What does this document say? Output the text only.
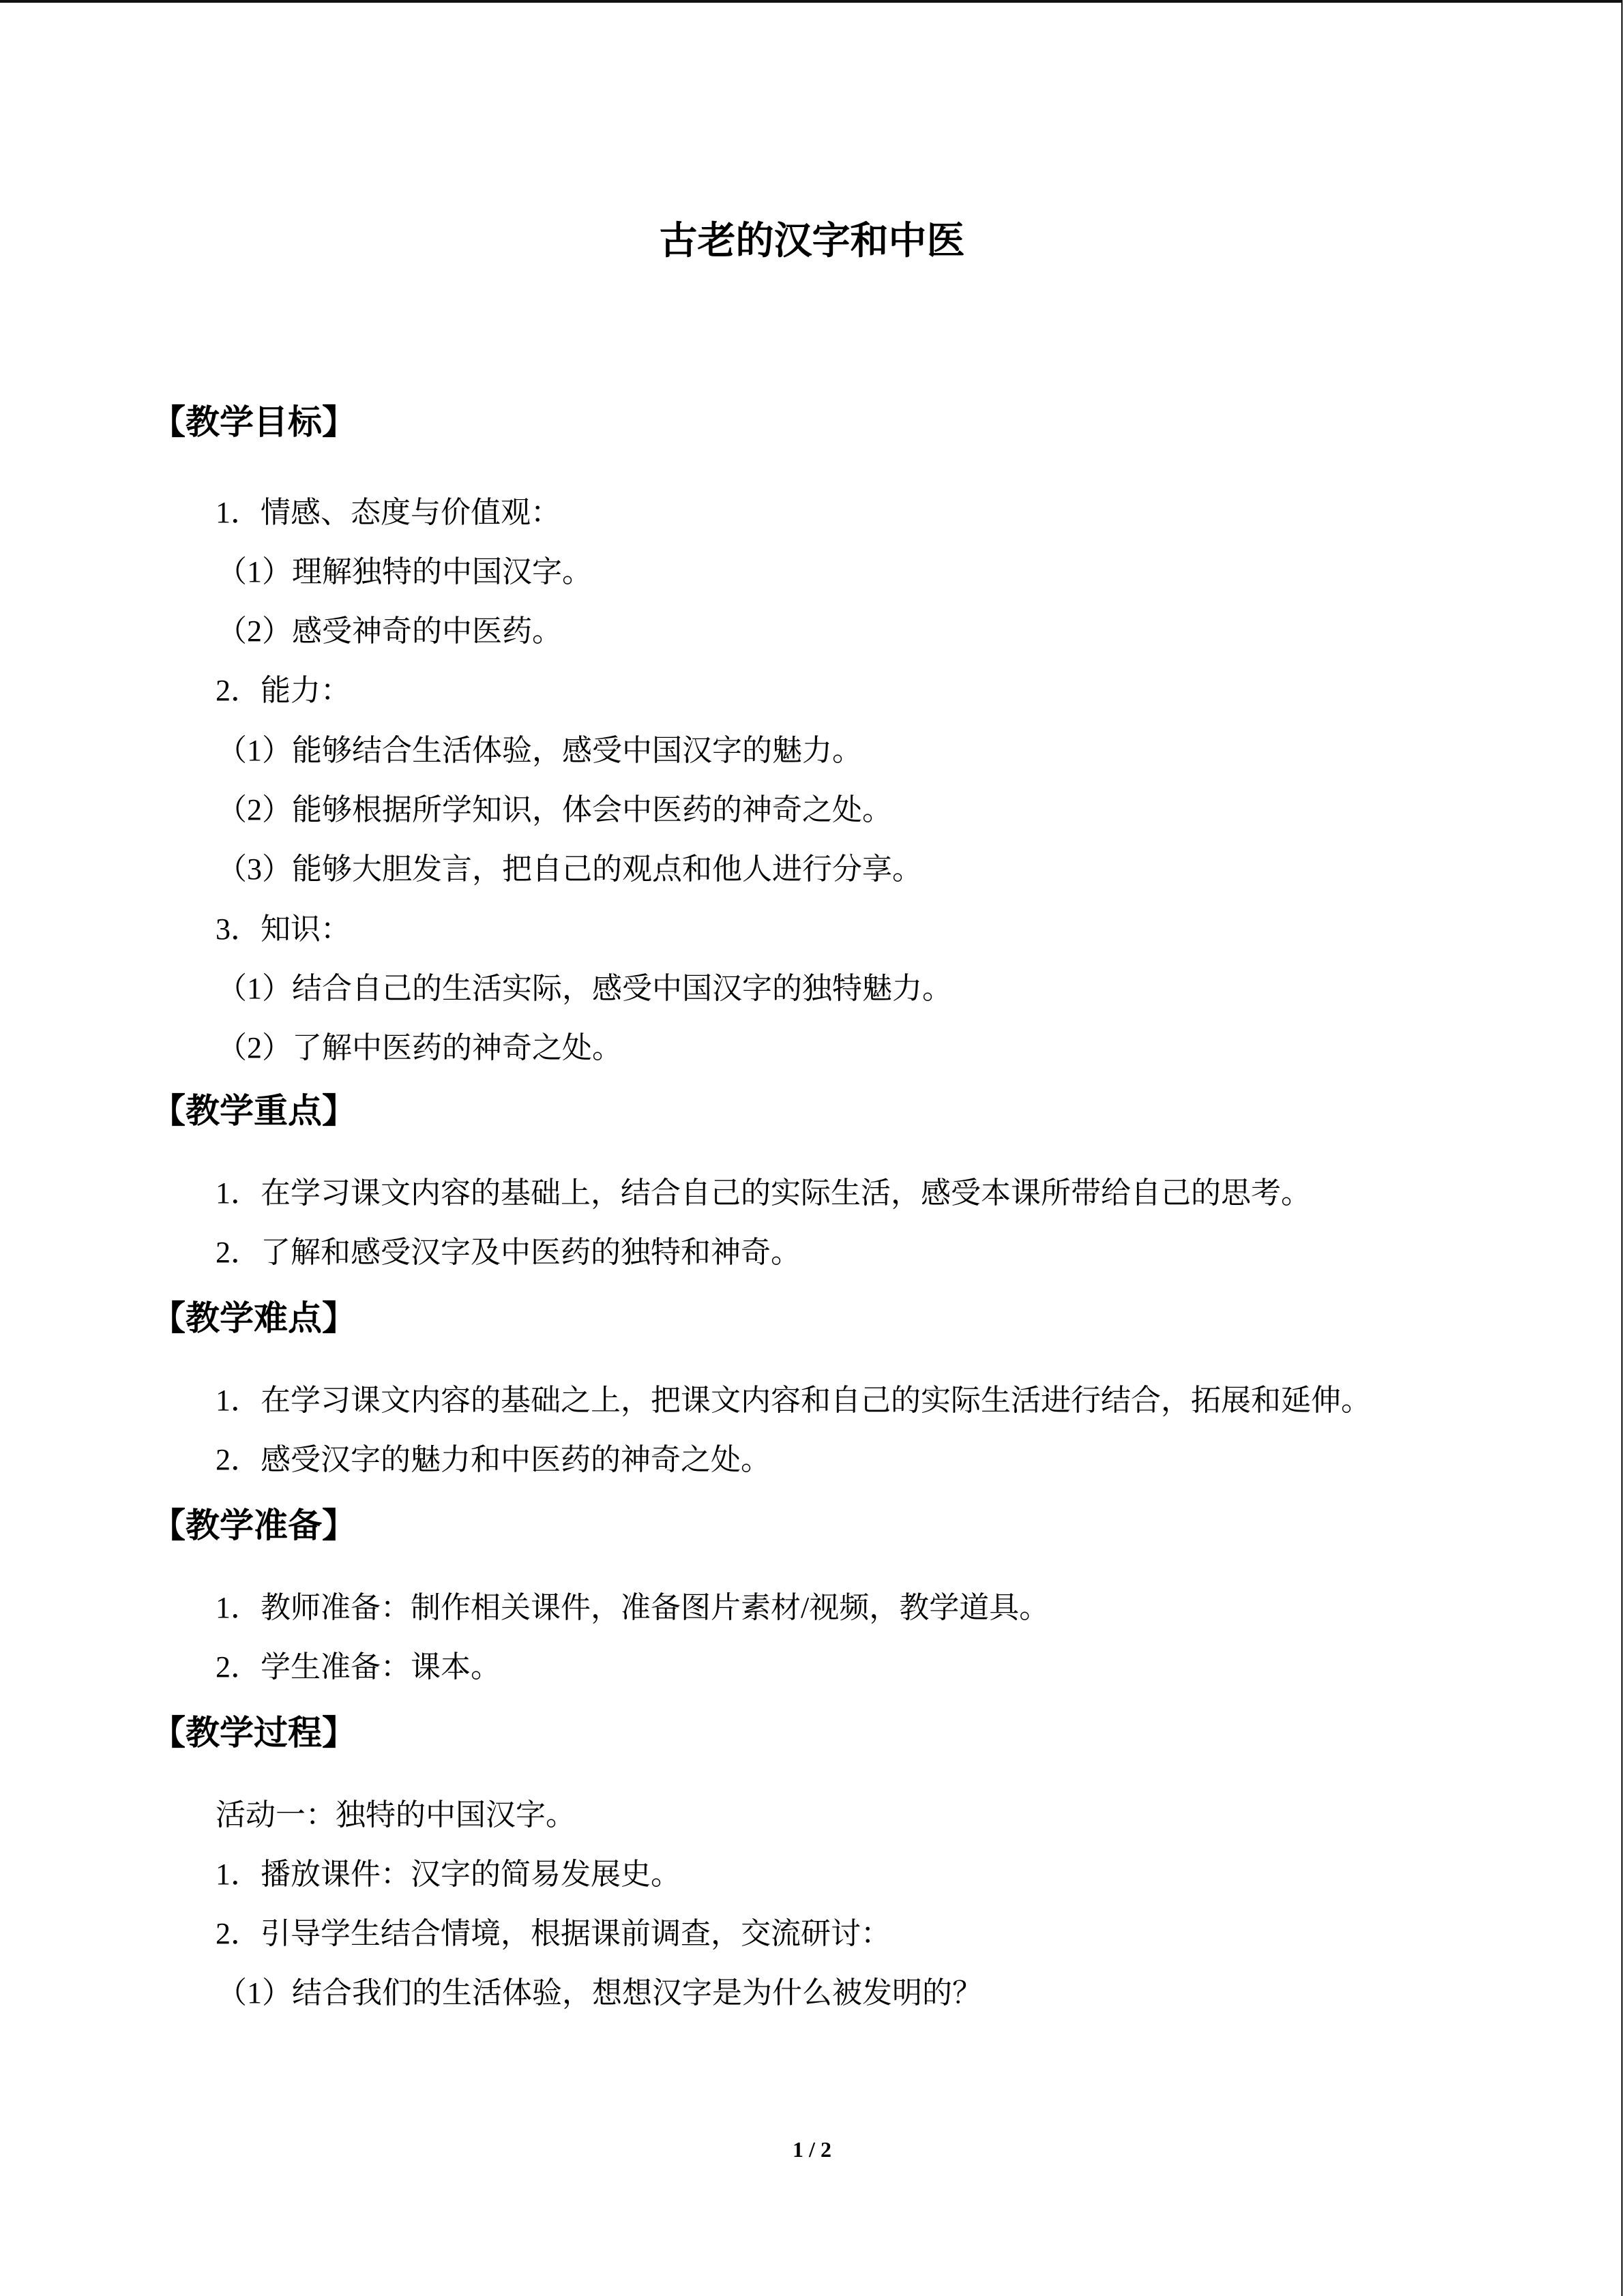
古老的汉字和中医
【教学目标】

1．情感、态度与价值观：

（1）理解独特的中国汉字。

（2）感受神奇的中医药。

2．能力：

（1）能够结合生活体验，感受中国汉字的魅力。

（2）能够根据所学知识，体会中医药的神奇之处。

（3）能够大胆发言，把自己的观点和他人进行分享。

3．知识：

（1）结合自己的生活实际，感受中国汉字的独特魅力。

（2）了解中医药的神奇之处。

【教学重点】

1．在学习课文内容的基础上，结合自己的实际生活，感受本课所带给自己的思考。

2．了解和感受汉字及中医药的独特和神奇。

【教学难点】

1．在学习课文内容的基础之上，把课文内容和自己的实际生活进行结合，拓展和延伸。

2．感受汉字的魅力和中医药的神奇之处。

【教学准备】

1．教师准备：制作相关课件，准备图片素材/视频，教学道具。

2．学生准备：课本。

【教学过程】

活动一：独特的中国汉字。

1．播放课件：汉字的简易发展史。

2．引导学生结合情境，根据课前调查，交流研讨：

（1）结合我们的生活体验，想想汉字是为什么被发明的？

1 / 2
